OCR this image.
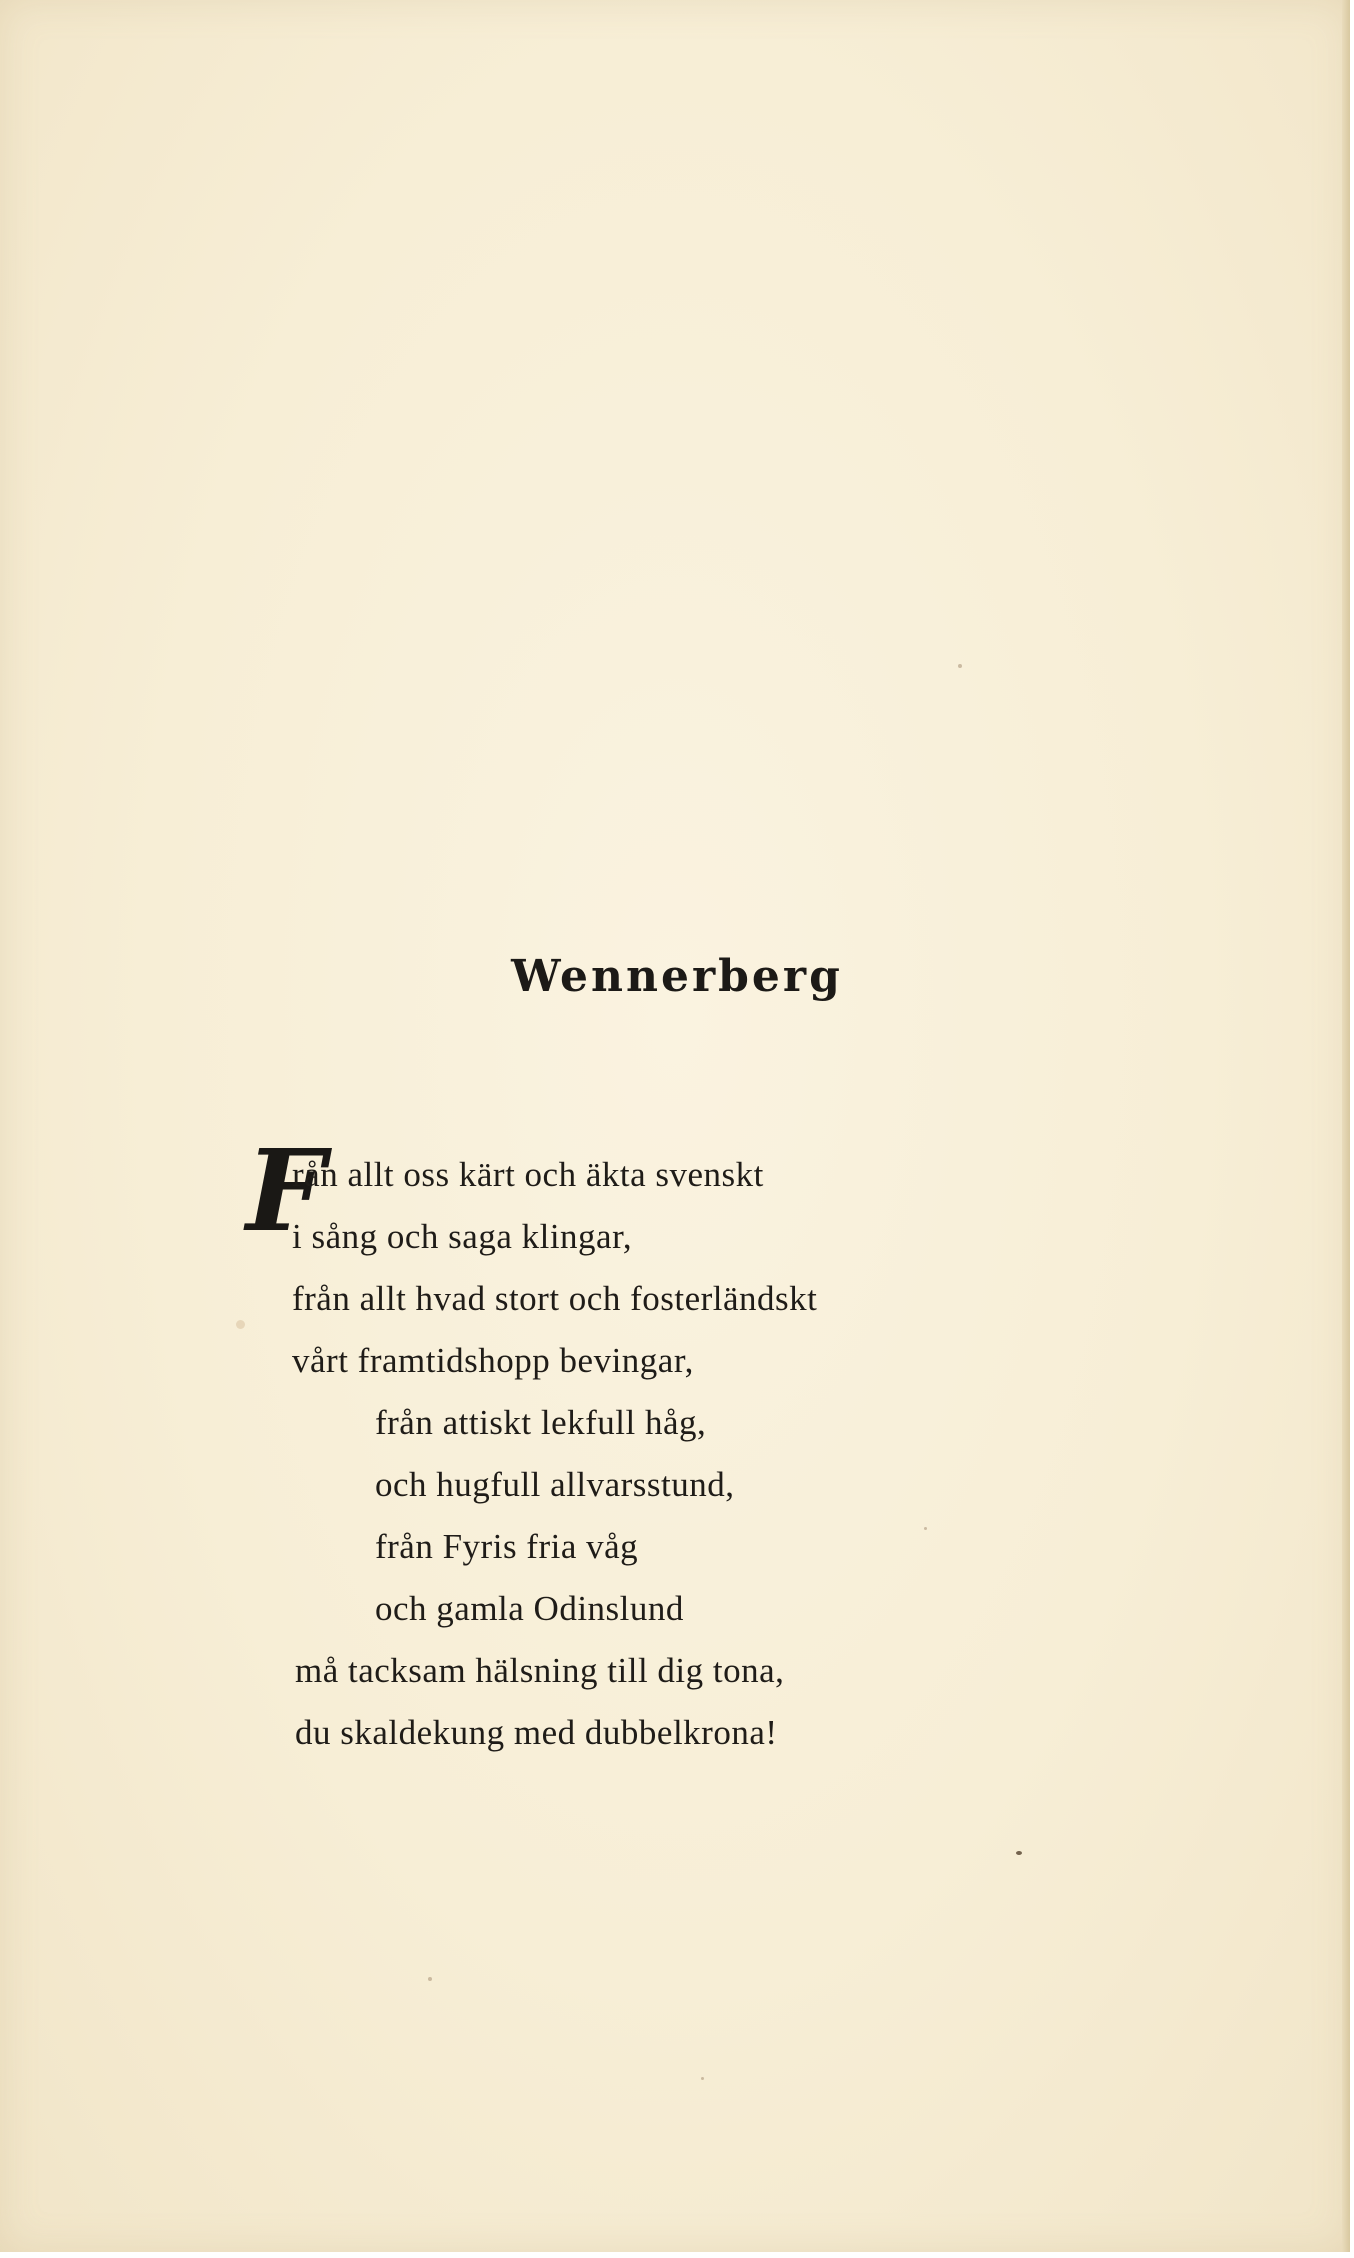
Wennerberg
F
rån allt oss kärt och äkta svenskt
i sång och saga klingar,
från allt hvad stort och fosterländskt
vårt framtidshopp bevingar,
från attiskt lekfull håg,
och hugfull allvarsstund,
från Fyris fria våg
och gamla Odinslund
må tacksam hälsning till dig tona,
du skaldekung med dubbelkrona!
